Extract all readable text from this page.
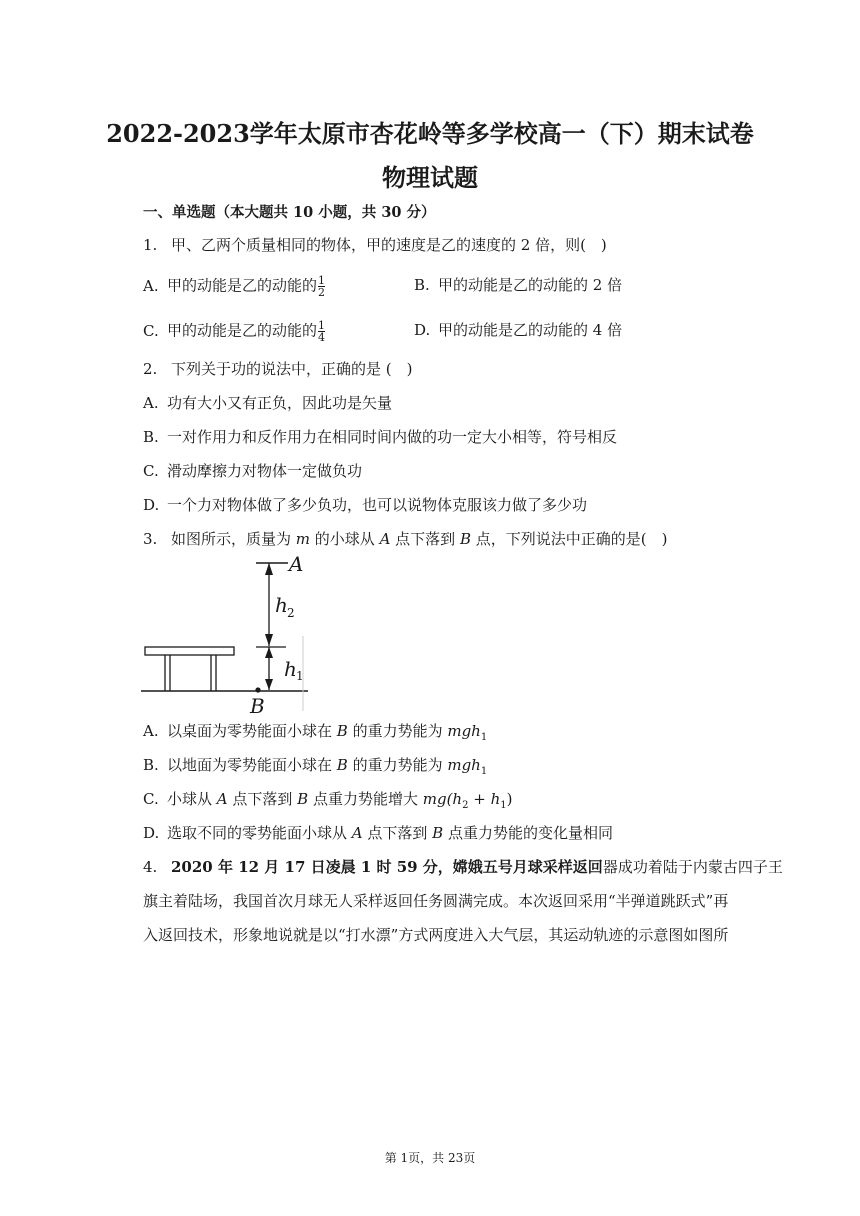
2022-2023学年太原市杏花岭等多学校高一（下）期末试卷
物理试题
一、单选题（本大题共 10 小题，共 30 分）
1. 甲、乙两个质量相同的物体，甲的速度是乙的速度的 2 倍，则(　)
A. 甲的动能是乙的动能的 $\frac{1}{2}$	B. 甲的动能是乙的动能的 2 倍
C. 甲的动能是乙的动能的 $\frac{1}{4}$	D. 甲的动能是乙的动能的 4 倍
2. 下列关于功的说法中，正确的是 (　)
A. 功有大小又有正负，因此功是矢量
B. 一对作用力和反作用力在相同时间内做的功一定大小相等，符号相反
C. 滑动摩擦力对物体一定做负功
D. 一个力对物体做了多少负功，也可以说物体克服该力做了多少功
3. 如图所示，质量为 m 的小球从 A 点下落到 B 点，下列说法中正确的是(　)
A
h 2
h 1
B
A. 以桌面为零势能面小球在 B 的重力势能为 mgh$_1$
B. 以地面为零势能面小球在 B 的重力势能为 mgh$_1$
C. 小球从 A 点下落到 B 点重力势能增大 $mg(h_2 + h_1)$
D. 选取不同的零势能面小球从 A 点下落到 B 点重力势能的变化量相同
4. 2020 年 12 月 17 日凌晨 1 时 59 分，嫦娥五号月球采样返回器成功着陆于内蒙古四子王
旗主着陆场，我国首次月球无人采样返回任务圆满完成。本次返回采用“半弹道跳跃式”再
入返回技术，形象地说就是以“打水漂”方式两度进入大气层，其运动轨迹的示意图如图所
第 1页，共 23页
